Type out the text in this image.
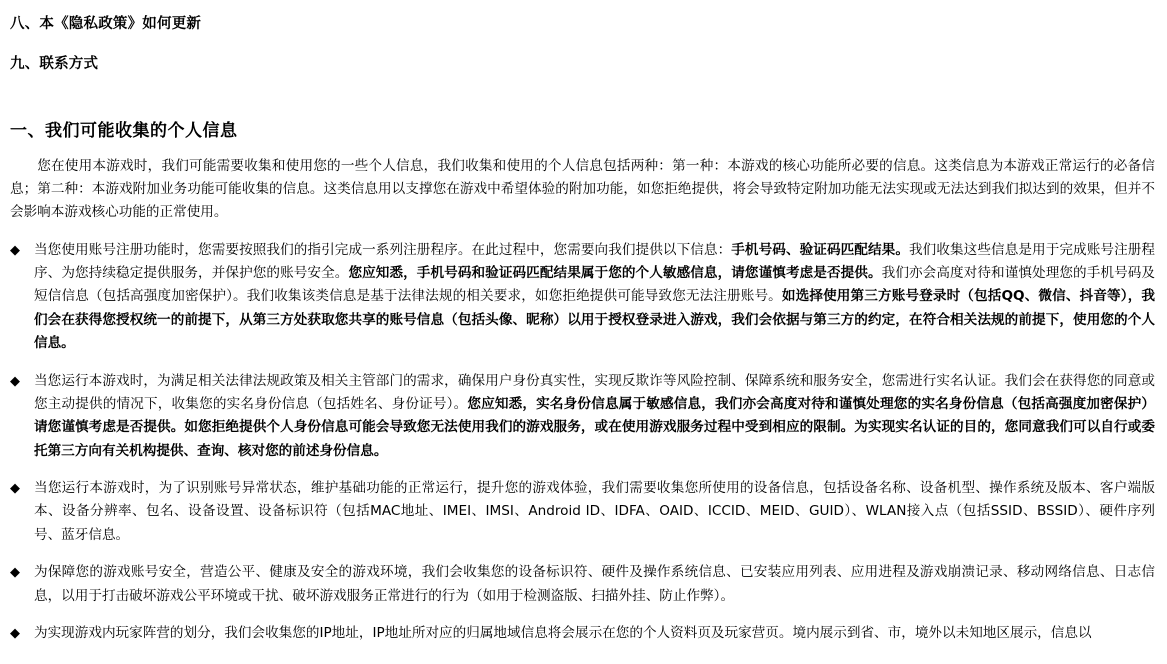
八、本《隐私政策》如何更新
九、联系方式
一、我们可能收集的个人信息

您在使用本游戏时，我们可能需要收集和使用您的一些个人信息，我们收集和使用的个人信息包括两种：第一种：本游戏的核心功能所必要的信息。这类信息为本游戏正常运行的必备信息；第二种：本游戏附加业务功能可能收集的信息。这类信息用以支撑您在游戏中希望体验的附加功能，如您拒绝提供，将会导致特定附加功能无法实现或无法达到我们拟达到的效果，但并不会影响本游戏核心功能的正常使用。

◆	当您使用账号注册功能时，您需要按照我们的指引完成一系列注册程序。在此过程中，您需要向我们提供以下信息：手机号码、验证码匹配结果。我们收集这些信息是用于完成账号注册程序、为您持续稳定提供服务，并保护您的账号安全。您应知悉，手机号码和验证码匹配结果属于您的个人敏感信息，请您谨慎考虑是否提供。我们亦会高度对待和谨慎处理您的手机号码及短信信息（包括高强度加密保护）。我们收集该类信息是基于法律法规的相关要求，如您拒绝提供可能导致您无法注册账号。如选择使用第三方账号登录时（包括QQ、微信、抖音等），我们会在获得您授权统一的前提下，从第三方处获取您共享的账号信息（包括头像、昵称）以用于授权登录进入游戏，我们会依据与第三方的约定，在符合相关法规的前提下，使用您的个人信息。
◆	当您运行本游戏时，为满足相关法律法规政策及相关主管部门的需求，确保用户身份真实性，实现反欺诈等风险控制、保障系统和服务安全，您需进行实名认证。我们会在获得您的同意或您主动提供的情况下，收集您的实名身份信息（包括姓名、身份证号）。您应知悉，实名身份信息属于敏感信息，我们亦会高度对待和谨慎处理您的实名身份信息（包括高强度加密保护）请您谨慎考虑是否提供。如您拒绝提供个人身份信息可能会导致您无法使用我们的游戏服务，或在使用游戏服务过程中受到相应的限制。为实现实名认证的目的，您同意我们可以自行或委托第三方向有关机构提供、查询、核对您的前述身份信息。
◆	当您运行本游戏时，为了识别账号异常状态，维护基础功能的正常运行，提升您的游戏体验，我们需要收集您所使用的设备信息，包括设备名称、设备机型、操作系统及版本、客户端版本、设备分辨率、包名、设备设置、设备标识符（包括MAC地址、IMEI、IMSI、Android ID、IDFA、OAID、ICCID、MEID、GUID）、WLAN接入点（包括SSID、BSSID）、硬件序列号、蓝牙信息。
◆	为保障您的游戏账号安全，营造公平、健康及安全的游戏环境，我们会收集您的设备标识符、硬件及操作系统信息、已安装应用列表、应用进程及游戏崩溃记录、移动网络信息、日志信息，以用于打击破坏游戏公平环境或干扰、破坏游戏服务正常进行的行为（如用于检测盗版、扫描外挂、防止作弊）。
◆	为实现游戏内玩家阵营的划分，我们会收集您的IP地址，IP地址所对应的归属地域信息将会展示在您的个人资料页及玩家营页。境内展示到省、市，境外以未知地区展示，信息以
